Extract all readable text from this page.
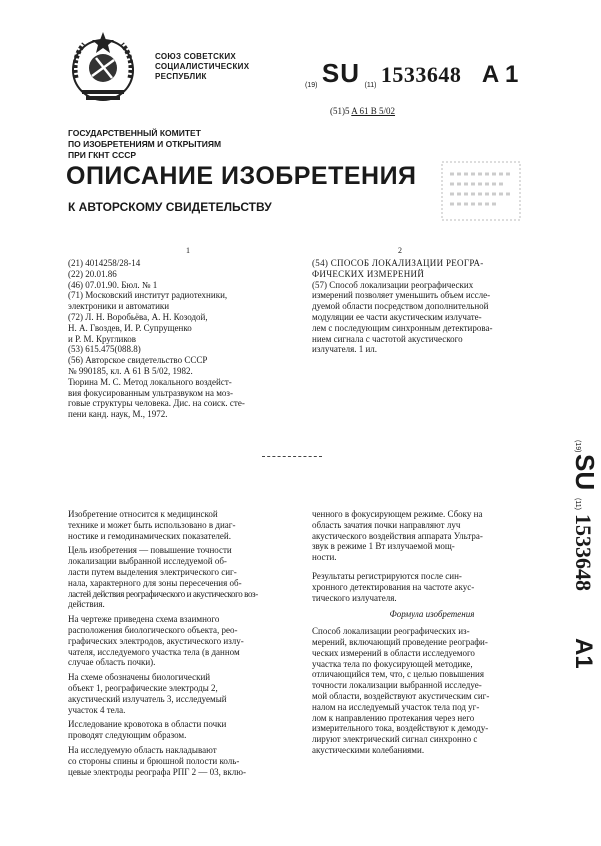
СОЮЗ СОВЕТСКИХ
СОЦИАЛИСТИЧЕСКИХ
РЕСПУБЛИК
(19) SU (11) 1533648 A 1
(51)5 A 61 B 5/02
ГОСУДАРСТВЕННЫЙ КОМИТЕТ
ПО ИЗОБРЕТЕНИЯМ И ОТКРЫТИЯМ
ПРИ ГКНТ СССР
ОПИСАНИЕ ИЗОБРЕТЕНИЯ
К АВТОРСКОМУ СВИДЕТЕЛЬСТВУ
1	2
(21) 4014258/28-14
(22) 20.01.86
(46) 07.01.90. Бюл. № 1
(71) Московский институт радиотехники,
электроники и автоматики
(72) Л. Н. Воробьёва, А. Н. Козодой,
Н. А. Гвоздев, И. Р. Супрущенко
и Р. М. Кругликов
(53) 615.475(088.8)
(56) Авторское свидетельство СССР
№ 990185, кл. А 61 В 5/02, 1982.
Тюрина М. С. Метод локального воздейст-
вия фокусированным ультразвуком на моз-
говые структуры человека. Дис. на соиск. сте-
пени канд. наук, М., 1972.
(54) СПОСОБ ЛОКАЛИЗАЦИИ РЕОГРА-
ФИЧЕСКИХ ИЗМЕРЕНИЙ
(57) Способ локализации реографических
измерений позволяет уменьшить объем иссле-
дуемой области посредством дополнительной
модуляции ее части акустическим излучате-
лем с последующим синхронным детектирова-
нием сигнала с частотой акустического
излучателя. 1 ил.

Изобретение относится к медицинской
технике и может быть использовано в диаг-
ностике и гемодинамических показателей.

Цель изобретения — повышение точности
локализации выбранной исследуемой об-
ласти путем выделения электрического сиг-
нала, характерного для зоны пересечения об-
ластей действия реографического и акустического воз-
действия.

На чертеже приведена схема взаимного
расположения биологического объекта, рео-
графических электродов, акустического излу-
чателя, исследуемого участка тела (в данном
случае область почки).

На схеме обозначены биологический
объект 1, реографические электроды 2,
акустический излучатель 3, исследуемый
участок 4 тела.

Исследование кровотока в области почки
проводят следующим образом.

На исследуемую область накладывают
со стороны спины и брюшной полости коль-
цевые электроды реографа РПГ 2 — 03, вклю-

ченного в фокусирующем режиме. Сбоку на
область зачатия почки направляют луч
акустического воздействия аппарата Ультра-
звук в режиме 1 Вт излучаемой мощ-
ности.

Результаты регистрируются после син-
хронного детектирования на частоте акус-
тического излучателя.

Формула изобретения
Способ локализации реографических из-
мерений, включающий проведение реографи-
ческих измерений в области исследуемого
участка тела по фокусирующей методике,
отличающийся тем, что, с целью повышения
точности локализации выбранной исследуе-
мой области, воздействуют акустическим сиг-
налом на исследуемый участок тела под уг-
лом к направлению протекания через него
измерительного тока, воздействуют к демоду-
лируют электрический сигнал синхронно с
акустическими колебаниями.
(19)
SU
(11)
1533648
A1
